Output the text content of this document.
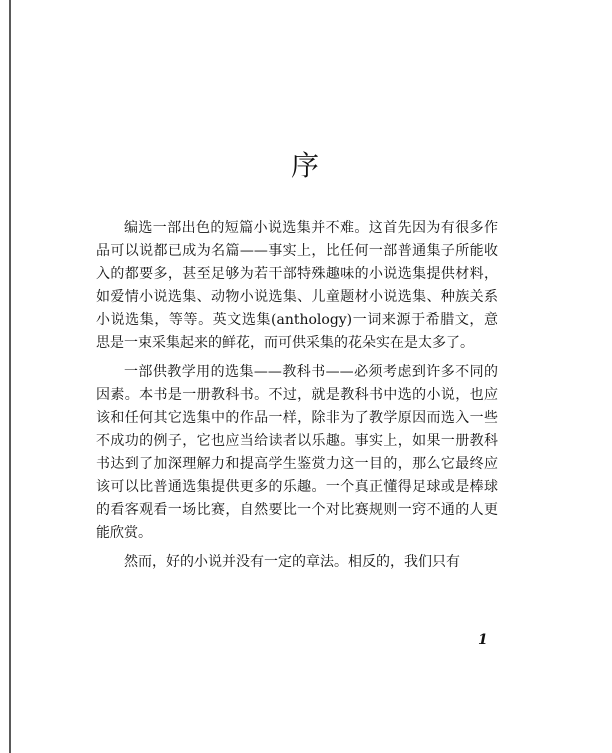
序

编选一部出色的短篇小说选集并不难。这首先因为有很多作品可以说都已成为名篇——事实上，比任何一部普通集子所能收入的都要多，甚至足够为若干部特殊趣味的小说选集提供材料，如爱情小说选集、动物小说选集、儿童题材小说选集、种族关系小说选集，等等。英文选集(anthology)一词来源于希腊文，意思是一束采集起来的鲜花，而可供采集的花朵实在是太多了。

一部供教学用的选集——教科书——必须考虑到许多不同的因素。本书是一册教科书。不过，就是教科书中选的小说，也应该和任何其它选集中的作品一样，除非为了教学原因而选入一些不成功的例子，它也应当给读者以乐趣。事实上，如果一册教科书达到了加深理解力和提高学生鉴赏力这一目的，那么它最终应该可以比普通选集提供更多的乐趣。一个真正懂得足球或是棒球的看客观看一场比赛，自然要比一个对比赛规则一窍不通的人更能欣赏。

然而，好的小说并没有一定的章法。相反的，我们只有

1
